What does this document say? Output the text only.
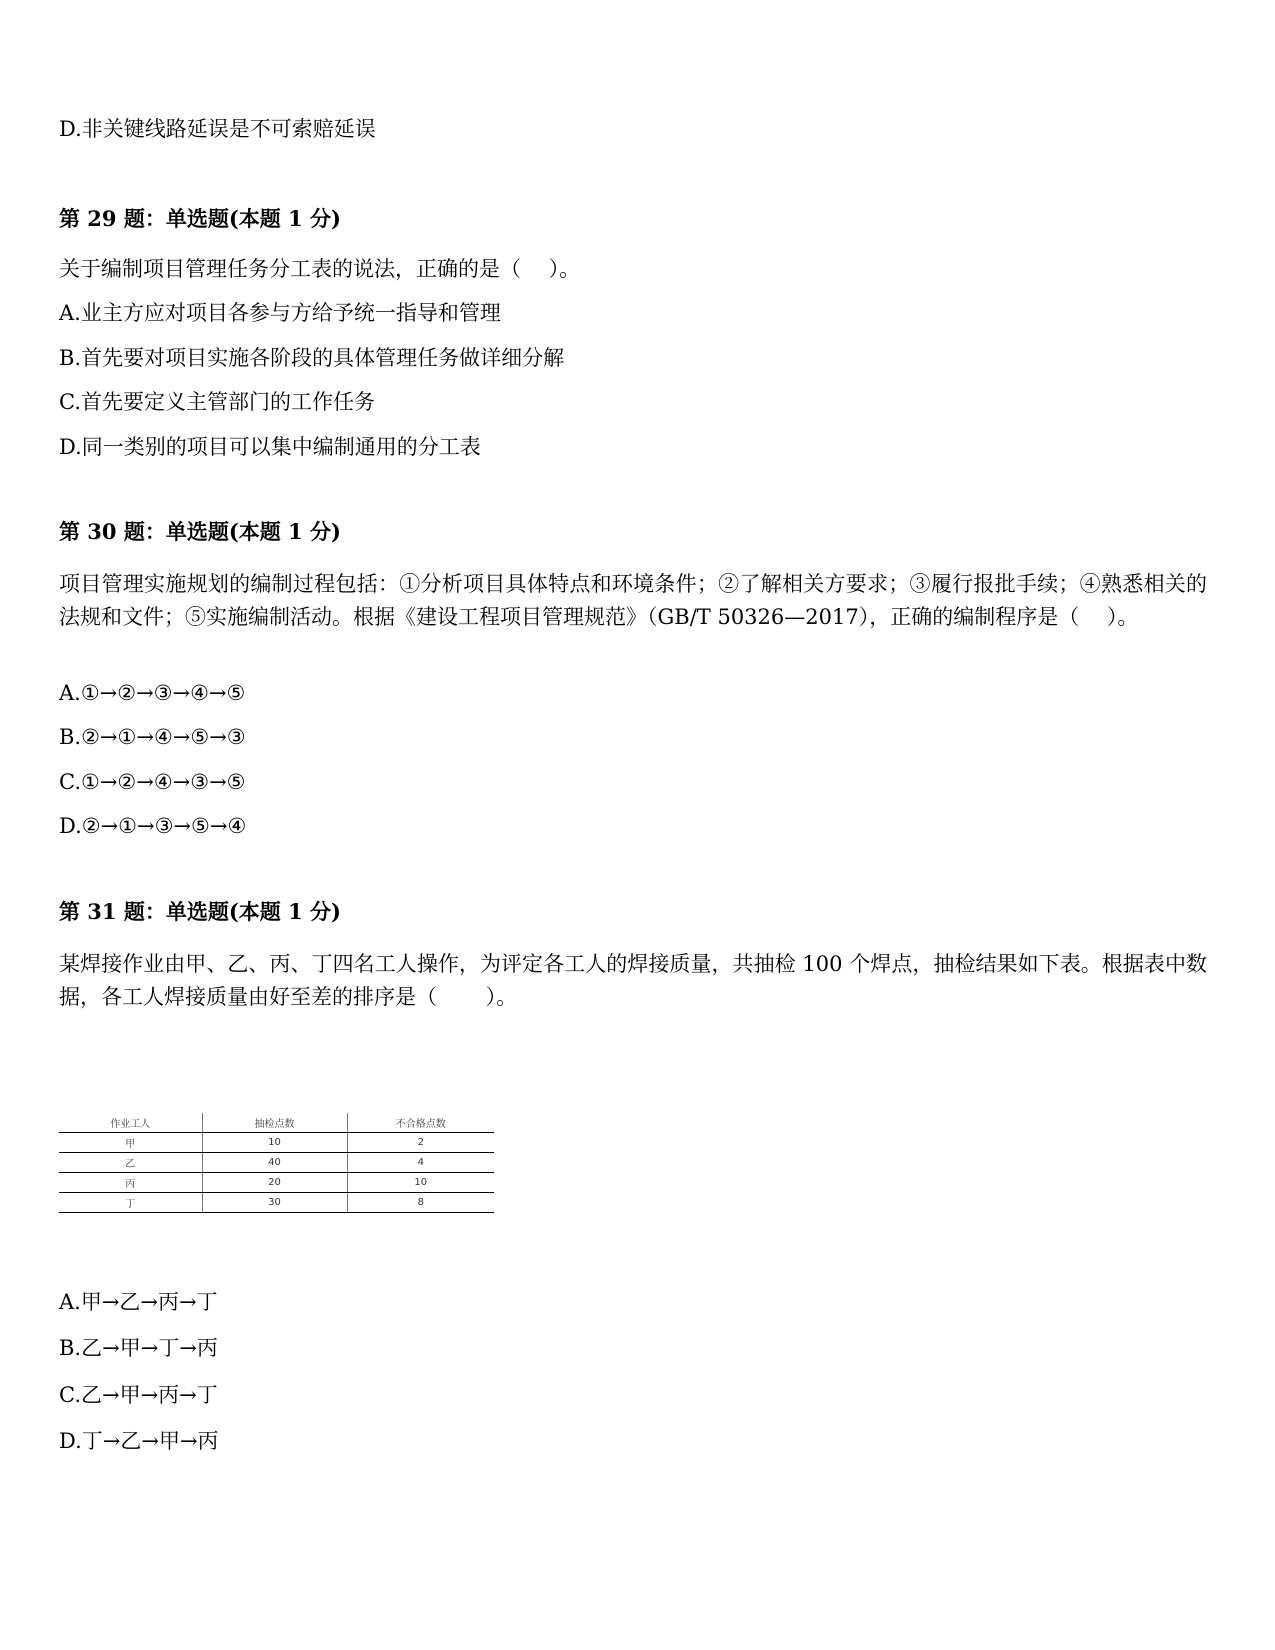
D.非关键线路延误是不可索赔延误
第 29 题：单选题(本题 1 分)
关于编制项目管理任务分工表的说法，正确的是（　 ）。
A.业主方应对项目各参与方给予统一指导和管理
B.首先要对项目实施各阶段的具体管理任务做详细分解
C.首先要定义主管部门的工作任务
D.同一类别的项目可以集中编制通用的分工表
第 30 题：单选题(本题 1 分)
项目管理实施规划的编制过程包括：①分析项目具体特点和环境条件；②了解相关方要求；③履行报批手续；④熟悉相关的法规和文件；⑤实施编制活动。根据《建设工程项目管理规范》（GB/T 50326—2017），正确的编制程序是（　 ）。
A.①→②→③→④→⑤
B.②→①→④→⑤→③
C.①→②→④→③→⑤
D.②→①→③→⑤→④
第 31 题：单选题(本题 1 分)
某焊接作业由甲、乙、丙、丁四名工人操作，为评定各工人的焊接质量，共抽检 100 个焊点，抽检结果如下表。根据表中数据，各工人焊接质量由好至差的排序是（　　 ）。
作业工人	抽检点数	不合格点数
甲	10	2
乙	40	4
丙	20	10
丁	30	8
A.甲→乙→丙→丁
B.乙→甲→丁→丙
C.乙→甲→丙→丁
D.丁→乙→甲→丙
